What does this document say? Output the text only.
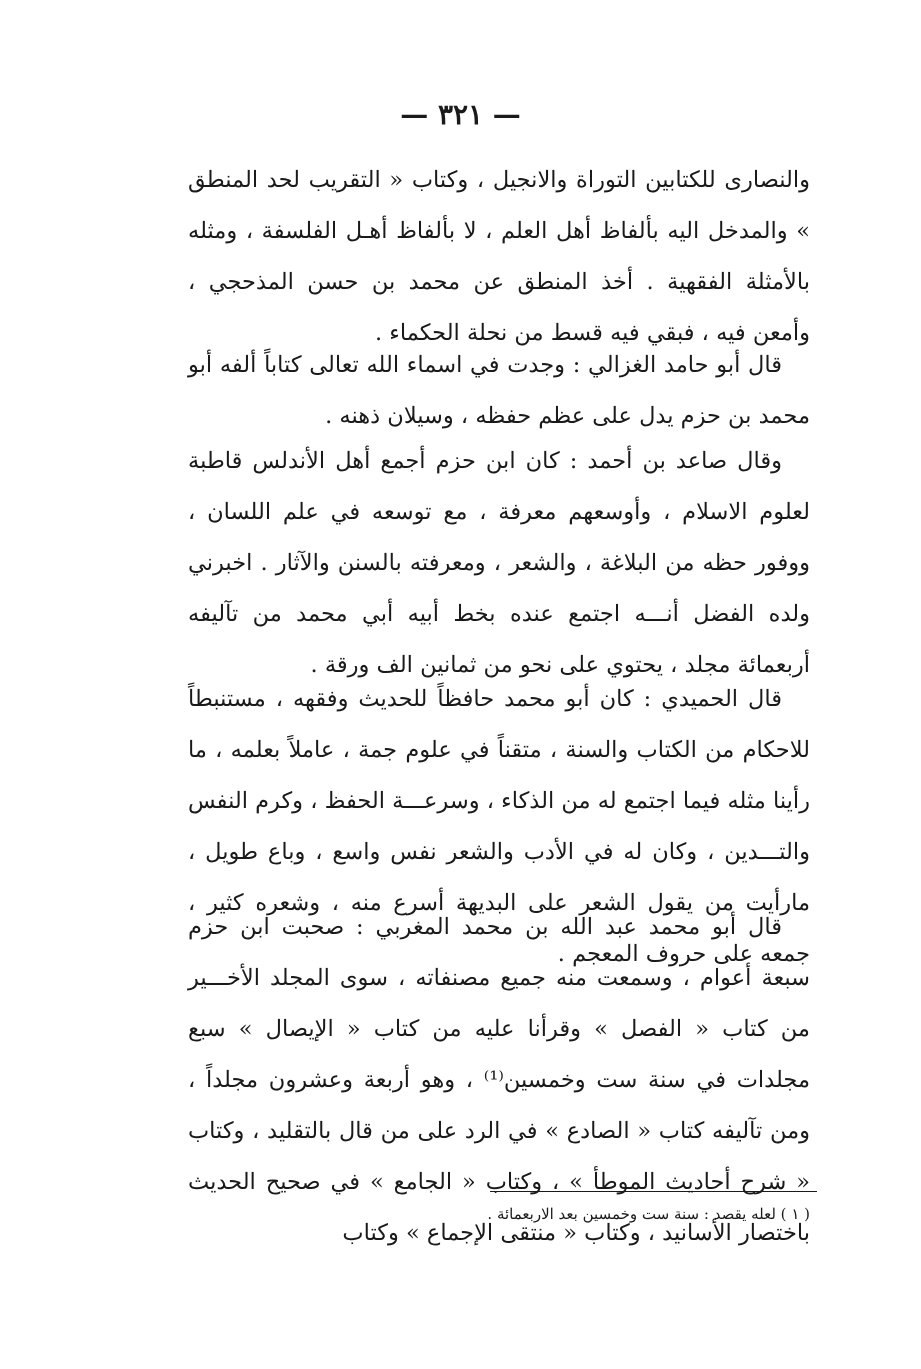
— ٣٢١ —

والنصارى للكتابين التوراة والانجيل ، وكتاب « التقريب لحد المنطق » والمدخل اليه بألفاظ أهل العلم ، لا بألفاظ أهـل الفلسفة ، ومثله بالأمثلة الفقهية . أخذ المنطق عن محمد بن حسن المذحجي ، وأمعن فيه ، فبقي فيه قسط من نحلة الحكماء .

قال أبو حامد الغزالي : وجدت في اسماء الله تعالى كتاباً ألفه أبو محمد بن حزم يدل على عظم حفظه ، وسيلان ذهنه .

وقال صاعد بن أحمد : كان ابن حزم أجمع أهل الأندلس قاطبة لعلوم الاسلام ، وأوسعهم معرفة ، مع توسعه في علم اللسان ، ووفور حظه من البلاغة ، والشعر ، ومعرفته بالسنن والآثار . اخبرني ولده الفضل أنـــه اجتمع عنده بخط أبيه أبي محمد من تآليفه أربعمائة مجلد ، يحتوي على نحو من ثمانين الف ورقة .

قال الحميدي : كان أبو محمد حافظاً للحديث وفقهه ، مستنبطاً للاحكام من الكتاب والسنة ، متقناً في علوم جمة ، عاملاً بعلمه ، ما رأينا مثله فيما اجتمع له من الذكاء ، وسرعـــة الحفظ ، وكرم النفس والتـــدين ، وكان له في الأدب والشعر نفس واسع ، وباع طويل ، مارأيت من يقول الشعر على البديهة أسرع منه ، وشعره كثير ، جمعه على حروف المعجم .

قال أبو محمد عبد الله بن محمد المغربي : صحبت ابن حزم سبعة أعوام ، وسمعت منه جميع مصنفاته ، سوى المجلد الأخـــير من كتاب « الفصل » وقرأنا عليه من كتاب « الإيصال » سبع مجلدات في سنة ست وخمسين⁽¹⁾ ، وهو أربعة وعشرون مجلداً ، ومن تآليفه كتاب « الصادع » في الرد على من قال بالتقليد ، وكتاب « شرح أحاديث الموطأ » ، وكتاب « الجامع » في صحيح الحديث باختصار الأسانيد ، وكتاب « منتقى الإجماع » وكتاب

( ١ ) لعله يقصد : سنة ست وخمسين بعد الاربعمائة .
